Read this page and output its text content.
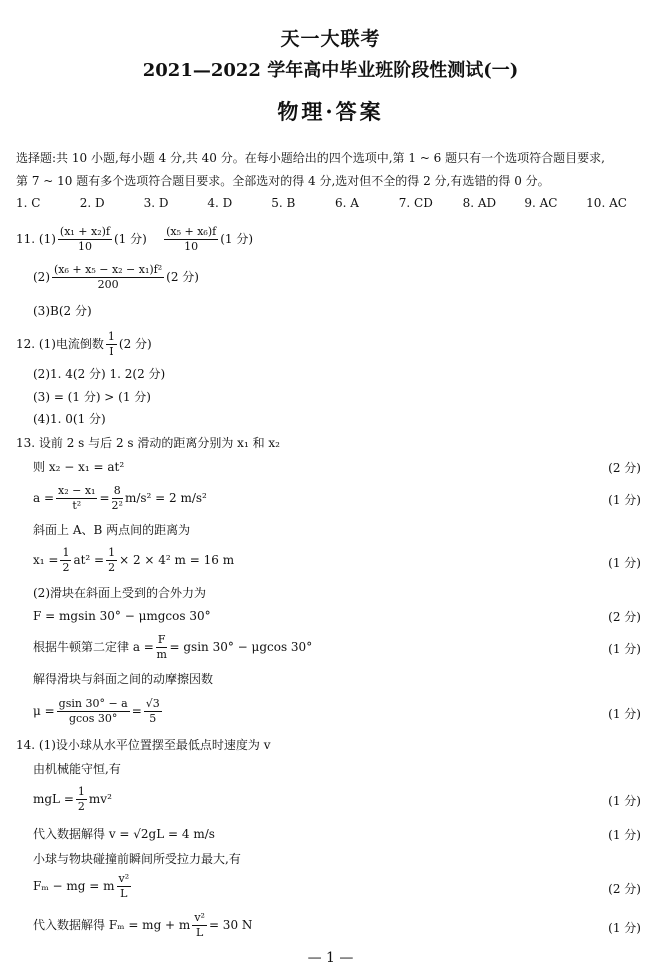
天一大联考
2021—2022 学年高中毕业班阶段性测试(一)
物理·答案
选择题:共 10 小题,每小题 4 分,共 40 分。在每小题给出的四个选项中,第 1 ~ 6 题只有一个选项符合题目要求,
第 7 ~ 10 题有多个选项符合题目要求。全部选对的得 4 分,选对但不全的得 2 分,有选错的得 0 分。
1. C	2. D	3. D	4. D	5. B	6. A	7. CD	8. AD	9. AC	10. AC
11. $(1) \frac{\text{(x₁ + x₂)f}}{10} (1$ 分) $\frac{\text{(x₅ + x₆)f}}{10} (1$ 分)
$(2) \frac{\text{(x₆ + x₅ − x₂ − x₁)f²}}{200} (2$ 分)
(3)B(2 分)
12. (1)电流倒数 $\frac{1}{I} (2$ 分)
(2)1. 4(2 分) 1. 2(2 分)
(3) = (1 分) > (1 分)
(4)1. 0(1 分)
13. 设前 2 s 与后 2 s 滑动的距离分别为 x₁ 和 x₂
则 x₂ − x₁ = at²	(2 分)
$a = \frac{\text{x₂ − x₁}}{\text{t²}} = \frac{8}{\text{2²}} m/s^2 = 2$ m/s²	(1 分)
斜面上 A、B 两点间的距离为
$x_1 = \frac{1}{2} at^2 = \frac{1}{2} \times 2 \times 4^2$ m = 16 m	(1 分)
(2)滑块在斜面上受到的合外力为
F = mgsin 30° − μmgcos 30°	(2 分)
根据牛顿第二定律 $a = \frac{F}{m} = gsin$ 30° − μgcos 30°	(1 分)
解得滑块与斜面之间的动摩擦因数
$\mu = \frac{gsin 30^\circ - a}{gcos 30^\circ} = \frac{√3}{5}$	(1 分)
14. (1)设小球从水平位置摆至最低点时速度为 v
由机械能守恒,有
mgL = $\frac{1}{2} mv^2$	(1 分)
代入数据解得 v = √2gL = 4 m/s	(1 分)
小球与物块碰撞前瞬间所受拉力最大,有
Fₘ − mg = m $\frac{\text{v²}}{L}$	(2 分)
代入数据解得 Fₘ = mg + m $\frac{\text{v²}}{L} = 30$ N	(1 分)
— 1 —
